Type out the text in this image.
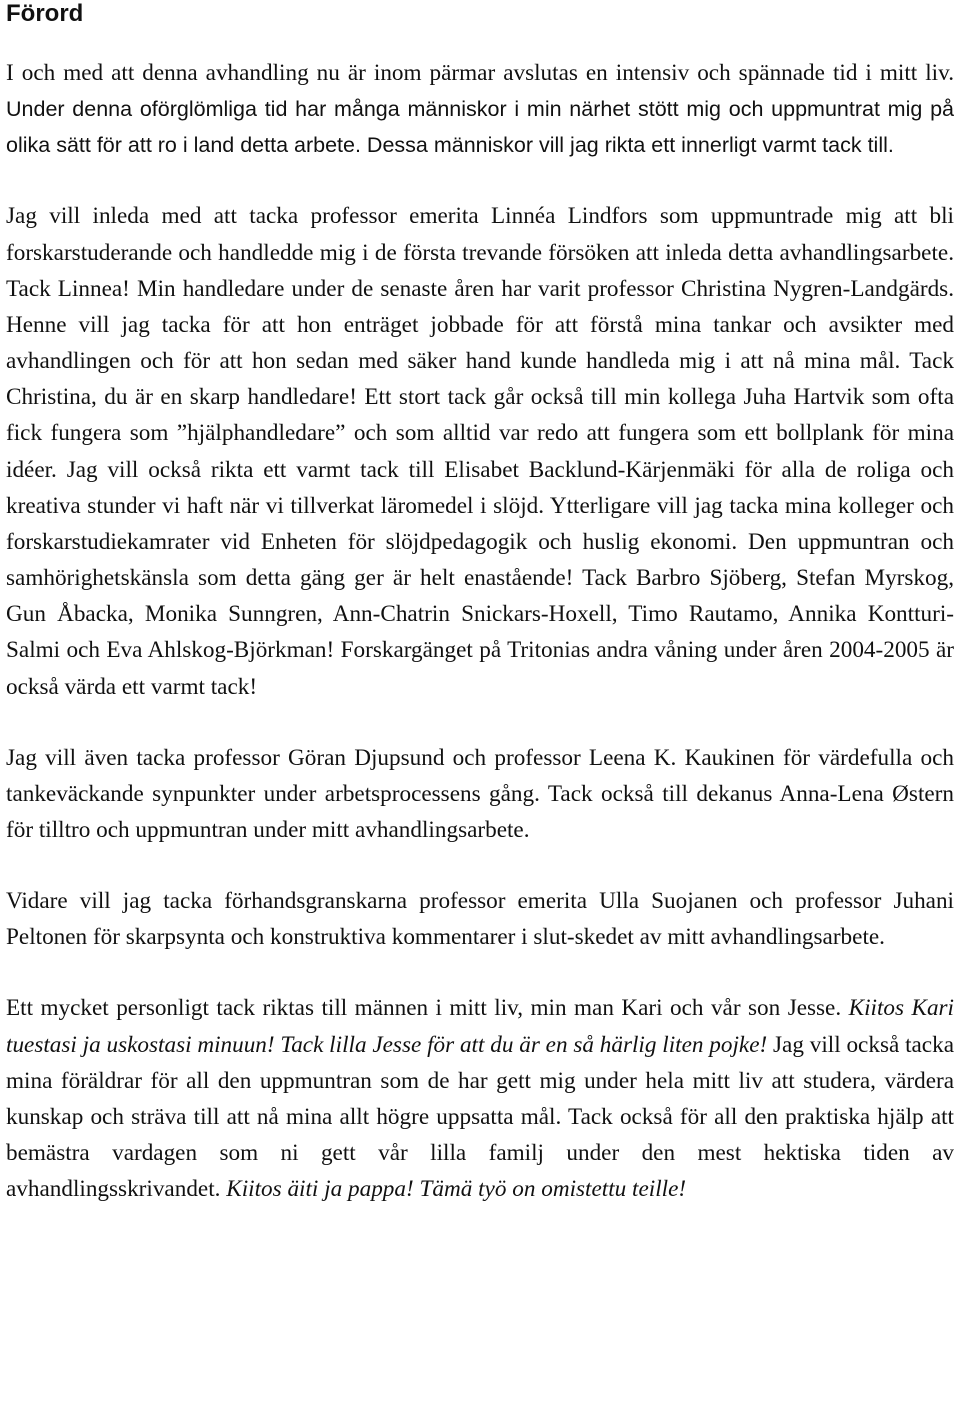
Förord

I och med att denna avhandling nu är inom pärmar avslutas en intensiv och spännade tid i mitt liv. Under denna oförglömliga tid har många människor i min närhet stött mig och uppmuntrat mig på olika sätt för att ro i land detta arbete. Dessa människor vill jag rikta ett innerligt varmt tack till.

Jag vill inleda med att tacka professor emerita Linnéa Lindfors som uppmuntrade mig att bli forskarstuderande och handledde mig i de första trevande försöken att inleda detta avhandlingsarbete. Tack Linnea! Min handledare under de senaste åren har varit professor Christina Nygren-Landgärds. Henne vill jag tacka för att hon enträget jobbade för att förstå mina tankar och avsikter med avhandlingen och för att hon sedan med säker hand kunde handleda mig i att nå mina mål. Tack Christina, du är en skarp handledare! Ett stort tack går också till min kollega Juha Hartvik som ofta fick fungera som ”hjälphandledare” och som alltid var redo att fungera som ett bollplank för mina idéer. Jag vill också rikta ett varmt tack till Elisabet Backlund-Kärjenmäki för alla de roliga och kreativa stunder vi haft när vi tillverkat läromedel i slöjd. Ytterligare vill jag tacka mina kolleger och forskarstudiekamrater vid Enheten för slöjdpedagogik och huslig ekonomi. Den uppmuntran och samhörighetskänsla som detta gäng ger är helt enastående! Tack Barbro Sjöberg, Stefan Myrskog, Gun Åbacka, Monika Sunngren, Ann-Chatrin Snickars-Hoxell, Timo Rautamo, Annika Kontturi-Salmi och Eva Ahlskog-Björkman! Forskargänget på Tritonias andra våning under åren 2004-2005 är också värda ett varmt tack!

Jag vill även tacka professor Göran Djupsund och professor Leena K. Kaukinen för värdefulla och tankeväckande synpunkter under arbetsprocessens gång. Tack också till dekanus Anna-Lena Østern för tilltro och uppmuntran under mitt avhandlingsarbete.

Vidare vill jag tacka förhandsgranskarna professor emerita Ulla Suojanen och professor Juhani Peltonen för skarpsynta och konstruktiva kommentarer i slut-skedet av mitt avhandlingsarbete.

Ett mycket personligt tack riktas till männen i mitt liv, min man Kari och vår son Jesse. Kiitos Kari tuestasi ja uskostasi minuun! Tack lilla Jesse för att du är en så härlig liten pojke! Jag vill också tacka mina föräldrar för all den uppmuntran som de har gett mig under hela mitt liv att studera, värdera kunskap och sträva till att nå mina allt högre uppsatta mål. Tack också för all den praktiska hjälp att bemästra vardagen som ni gett vår lilla familj under den mest hektiska tiden av avhandlingsskrivandet. Kiitos äiti ja pappa! Tämä työ on omistettu teille!
